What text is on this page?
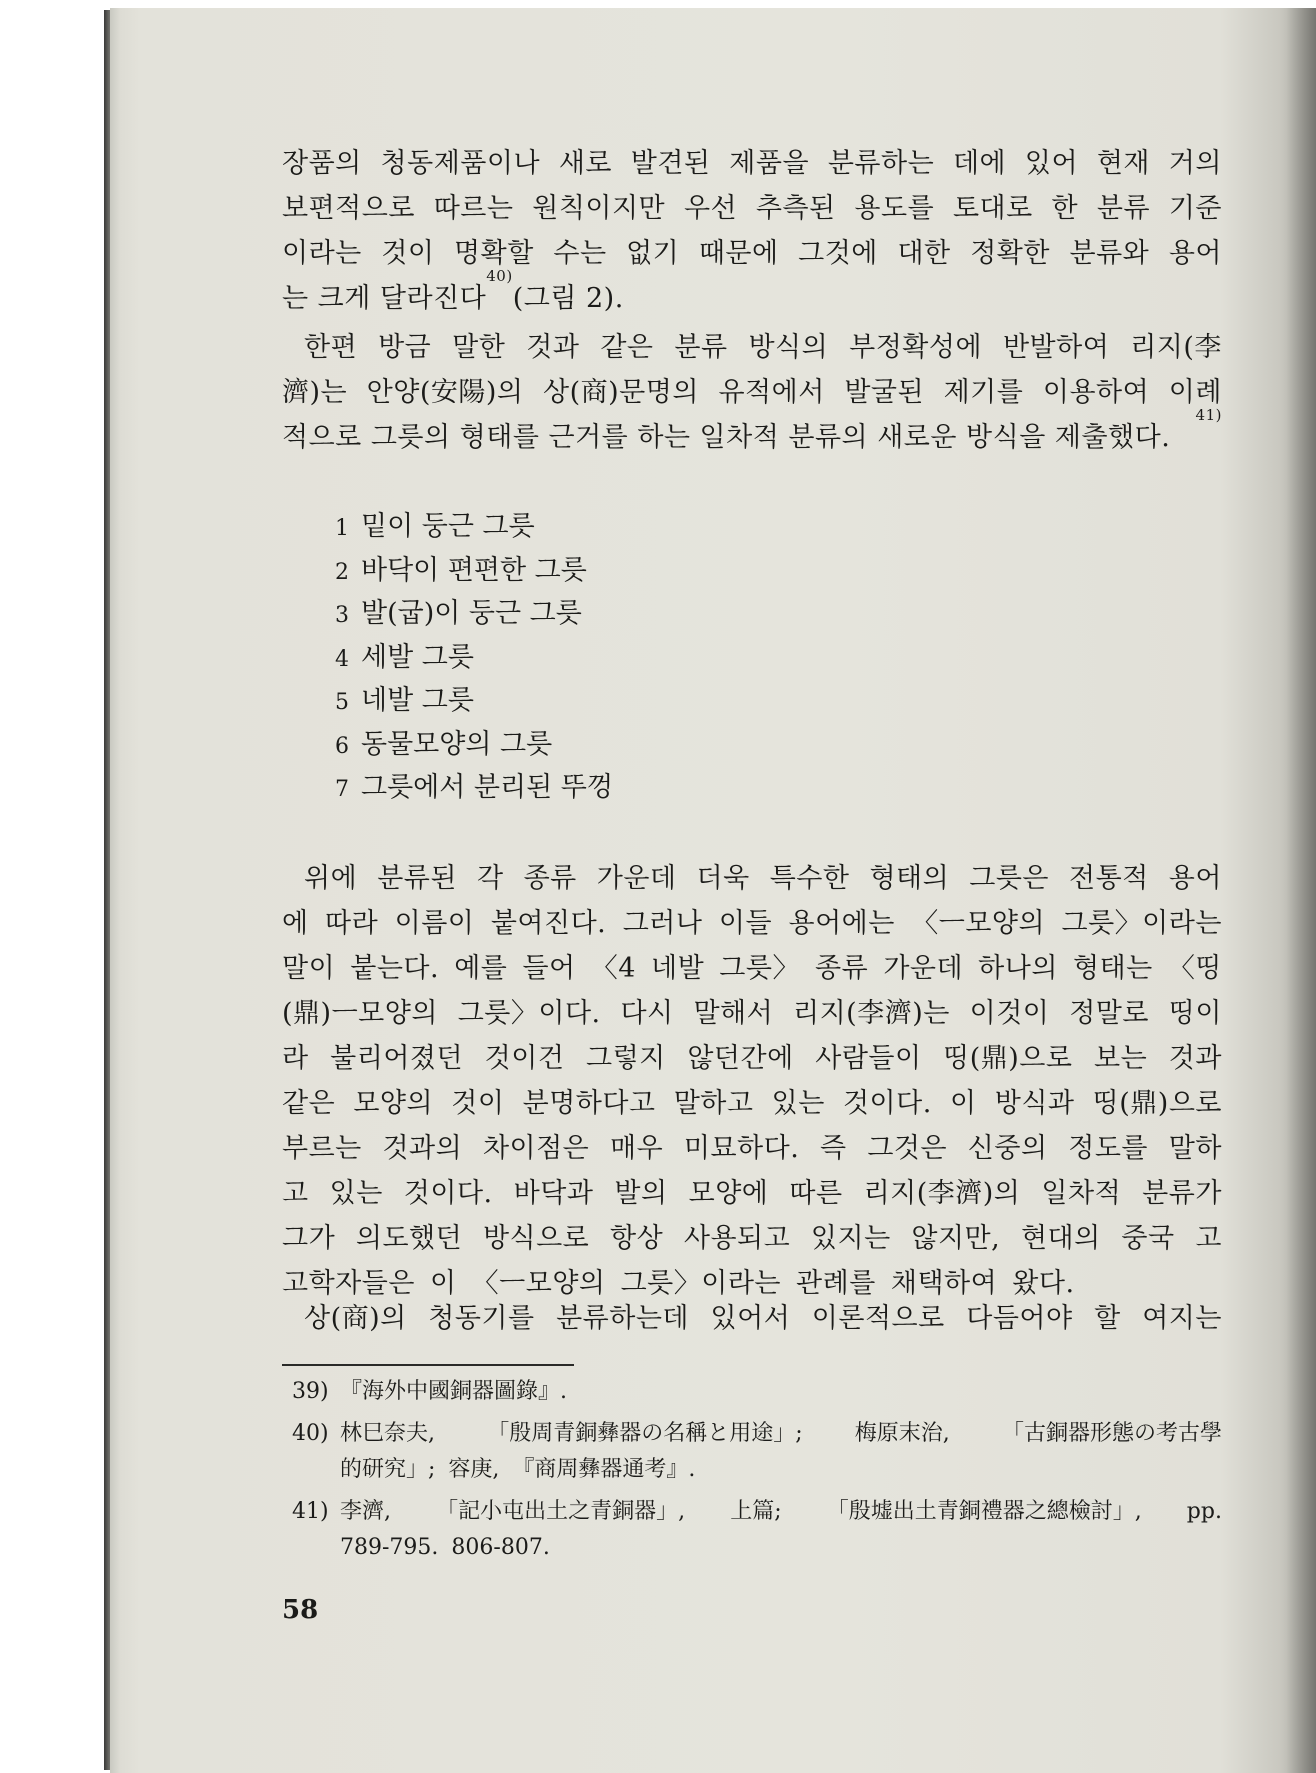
장품의 청동제품이나 새로 발견된 제품을 분류하는 데에 있어 현재 거의
보편적으로 따르는 원칙이지만 우선 추측된 용도를 토대로 한 분류 기준
이라는 것이 명확할 수는 없기 때문에 그것에 대한 정확한 분류와 용어
는 크게 달라진다
40)
(그림 2).
한편 방금 말한 것과 같은 분류 방식의 부정확성에 반발하여 리지(李
濟)는 안양(安陽)의 상(商)문명의 유적에서 발굴된 제기를 이용하여 이례
적으로 그릇의 형태를 근거를 하는 일차적 분류의 새로운 방식을 제출했다.
41)
1 밑이 둥근 그릇
2 바닥이 편편한 그릇
3 발(굽)이 둥근 그릇
4 세발 그릇
5 네발 그릇
6 동물모양의 그릇
7 그릇에서 분리된 뚜껑
위에 분류된 각 종류 가운데 더욱 특수한 형태의 그릇은 전통적 용어
에 따라 이름이 붙여진다. 그러나 이들 용어에는 〈ㅡ모양의 그릇〉이라는
말이 붙는다. 예를 들어 〈4 네발 그릇〉 종류 가운데 하나의 형태는 〈띵
(鼎)ㅡ모양의 그릇〉이다. 다시 말해서 리지(李濟)는 이것이 정말로 띵이
라 불리어졌던 것이건 그렇지 않던간에 사람들이 띵(鼎)으로 보는 것과
같은 모양의 것이 분명하다고 말하고 있는 것이다. 이 방식과 띵(鼎)으로
부르는 것과의 차이점은 매우 미묘하다. 즉 그것은 신중의 정도를 말하
고 있는 것이다. 바닥과 발의 모양에 따른 리지(李濟)의 일차적 분류가
그가 의도했던 방식으로 항상 사용되고 있지는 않지만, 현대의 중국 고
고학자들은 이 〈ㅡ모양의 그릇〉이라는 관례를 채택하여 왔다.
상(商)의 청동기를 분류하는데 있어서 이론적으로 다듬어야 할 여지는
39) 『海外中國銅器圖錄』.
40) 林巳奈夫, 「殷周青銅彝器の名稱と用途」; 梅原末治, 「古銅器形態の考古學
的研究」; 容庚, 『商周彝器通考』.
41) 李濟, 「記小屯出土之青銅器」, 上篇; 「殷墟出土青銅禮器之總檢討」, pp.
789-795. 806-807.
58
